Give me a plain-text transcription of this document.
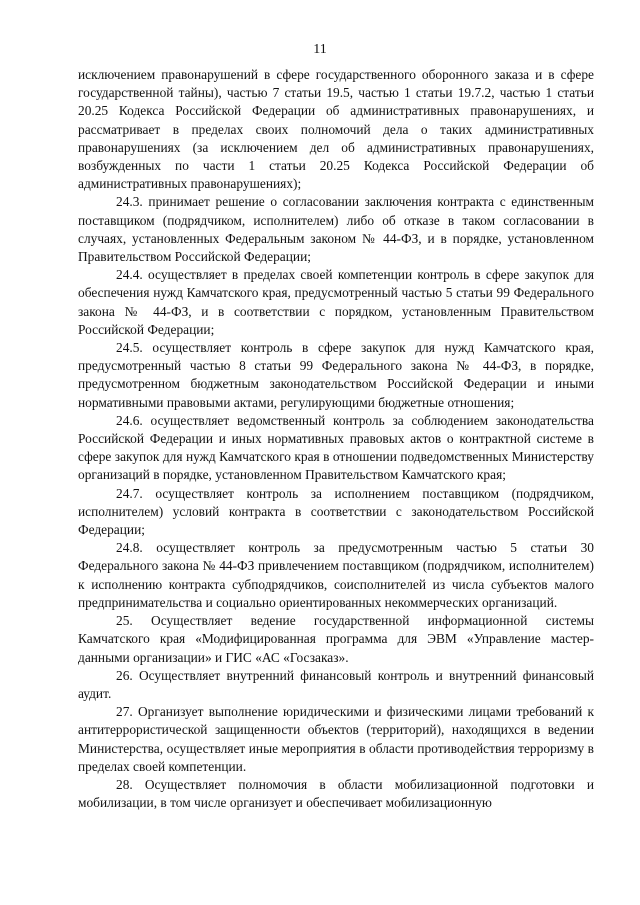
11

исключением правонарушений в сфере государственного оборонного заказа и в сфере государственной тайны), частью 7 статьи 19.5, частью 1 статьи 19.7.2, частью 1 статьи 20.25 Кодекса Российской Федерации об административных правонарушениях, и рассматривает в пределах своих полномочий дела о таких административных правонарушениях (за исключением дел об административных правонарушениях, возбужденных по части 1 статьи 20.25 Кодекса Российской Федерации об административных правонарушениях);

24.3. принимает решение о согласовании заключения контракта с единственным поставщиком (подрядчиком, исполнителем) либо об отказе в таком согласовании в случаях, установленных Федеральным законом № 44-ФЗ, и в порядке, установленном Правительством Российской Федерации;

24.4. осуществляет в пределах своей компетенции контроль в сфере закупок для обеспечения нужд Камчатского края, предусмотренный частью 5 статьи 99 Федерального закона № 44-ФЗ, и в соответствии с порядком, установленным Правительством Российской Федерации;

24.5. осуществляет контроль в сфере закупок для нужд Камчатского края, предусмотренный частью 8 статьи 99 Федерального закона № 44-ФЗ, в порядке, предусмотренном бюджетным законодательством Российской Федерации и иными нормативными правовыми актами, регулирующими бюджетные отношения;

24.6. осуществляет ведомственный контроль за соблюдением законодательства Российской Федерации и иных нормативных правовых актов о контрактной системе в сфере закупок для нужд Камчатского края в отношении подведомственных Министерству организаций в порядке, установленном Правительством Камчатского края;

24.7. осуществляет контроль за исполнением поставщиком (подрядчиком, исполнителем) условий контракта в соответствии с законодательством Российской Федерации;

24.8. осуществляет контроль за предусмотренным частью 5 статьи 30 Федерального закона № 44-ФЗ привлечением поставщиком (подрядчиком, исполнителем) к исполнению контракта субподрядчиков, соисполнителей из числа субъектов малого предпринимательства и социально ориентированных некоммерческих организаций.

25. Осуществляет ведение государственной информационной системы Камчатского края «Модифицированная программа для ЭВМ «Управление мастер-данными организации» и ГИС «АС «Госзаказ».

26. Осуществляет внутренний финансовый контроль и внутренний финансовый аудит.

27. Организует выполнение юридическими и физическими лицами требований к антитеррористической защищенности объектов (территорий), находящихся в ведении Министерства, осуществляет иные мероприятия в области противодействия терроризму в пределах своей компетенции.

28. Осуществляет полномочия в области мобилизационной подготовки и мобилизации, в том числе организует и обеспечивает мобилизационную
